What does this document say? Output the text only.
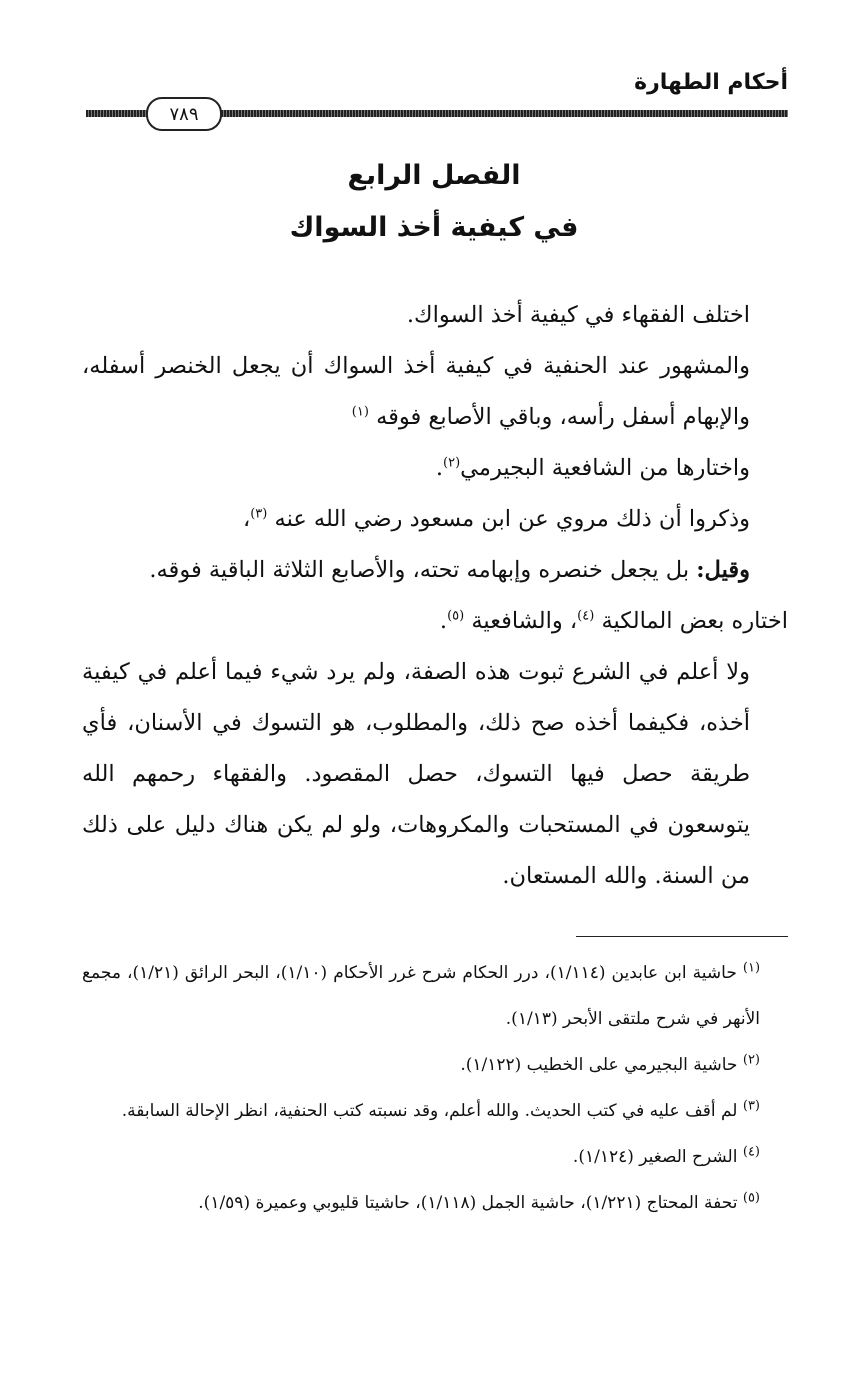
أحكام الطهارة
٧٨٩
الفصل الرابع
في كيفية أخذ السواك

اختلف الفقهاء في كيفية أخذ السواك.

والمشهور عند الحنفية في كيفية أخذ السواك أن يجعل الخنصر أسفله، والإبهام أسفل رأسه، وباقي الأصابع فوقه $^{(١)}$

واختارها من الشافعية البجيرمي$^{(٢)}$.

وذكروا أن ذلك مروي عن ابن مسعود رضي الله عنه $^{(٣)}$،

وقيل: بل يجعل خنصره وإبهامه تحته، والأصابع الثلاثة الباقية فوقه.

اختاره بعض المالكية $^{(٤)}$، والشافعية $^{(٥)}$.

ولا أعلم في الشرع ثبوت هذه الصفة، ولم يرد شيء فيما أعلم في كيفية أخذه، فكيفما أخذه صح ذلك، والمطلوب، هو التسوك في الأسنان، فأي طريقة حصل فيها التسوك، حصل المقصود. والفقهاء رحمهم الله يتوسعون في المستحبات والمكروهات، ولو لم يكن هناك دليل على ذلك من السنة. والله المستعان.

$^{(١)}$ حاشية ابن عابدين (١/١١٤)، درر الحكام شرح غرر الأحكام (١/١٠)، البحر الرائق (١/٢١)، مجمع الأنهر في شرح ملتقى الأبحر (١/١٣).

$^{(٢)}$ حاشية البجيرمي على الخطيب (١/١٢٢).

$^{(٣)}$ لم أقف عليه في كتب الحديث. والله أعلم، وقد نسبته كتب الحنفية، انظر الإحالة السابقة.

$^{(٤)}$ الشرح الصغير (١/١٢٤).

$^{(٥)}$ تحفة المحتاج (١/٢٢١)، حاشية الجمل (١/١١٨)، حاشيتا قليوبي وعميرة (١/٥٩).
